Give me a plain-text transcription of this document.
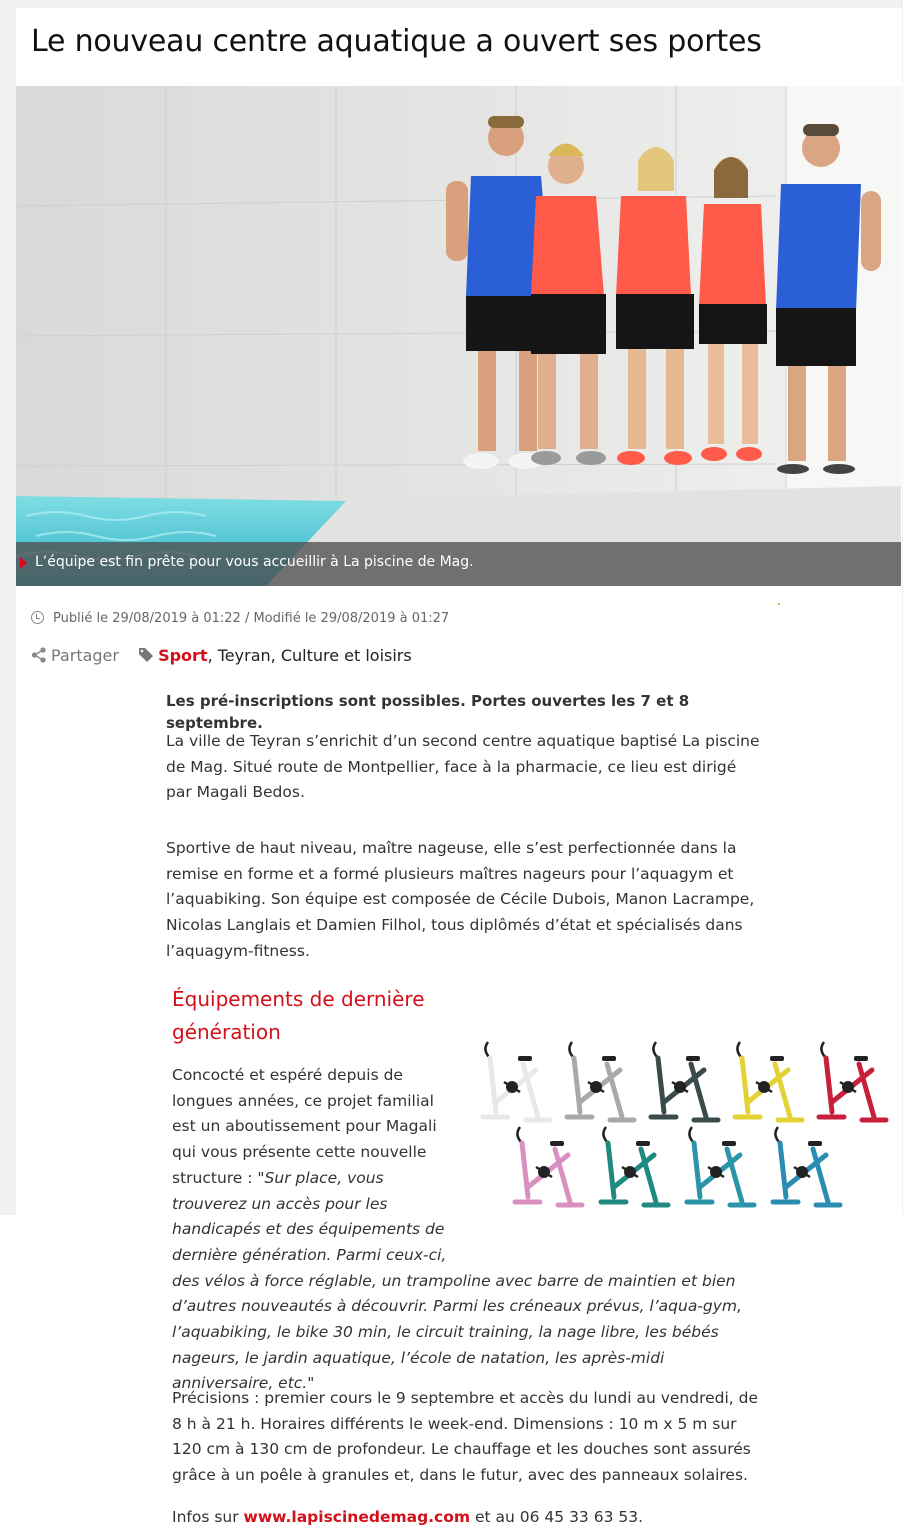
Le nouveau centre aquatique a ouvert ses portes
L’équipe est fin prête pour vous accueillir à La piscine de Mag.
Publié le 29/08/2019 à 01:22 / Modifié le 29/08/2019 à 01:27
Partager Sport, Teyran, Culture et loisirs

Les pré-inscriptions sont possibles. Portes ouvertes les 7 et 8 septembre.

La ville de Teyran s’enrichit d’un second centre aquatique baptisé La piscine de Mag. Situé route de Montpellier, face à la pharmacie, ce lieu est dirigé par Magali Bedos.

Sportive de haut niveau, maître nageuse, elle s’est perfectionnée dans la remise en forme et a formé plusieurs maîtres nageurs pour l’aquagym et l’aquabiking. Son équipe est composée de Cécile Dubois, Manon Lacrampe, Nicolas Langlais et Damien Filhol, tous diplômés d’état et spécialisés dans l’aquagym-fitness.

Équipements de dernière génération

Concocté et espéré depuis de longues années, ce projet familial est un aboutissement pour Magali qui vous présente cette nouvelle structure : "Sur place, vous trouverez un accès pour les handicapés et des équipements de dernière génération. Parmi ceux-ci, des vélos à force réglable, un trampoline avec barre de maintien et bien d’autres nouveautés à découvrir. Parmi les créneaux prévus, l’aqua-gym, l’aquabiking, le bike 30 min, le circuit training, la nage libre, les bébés nageurs, le jardin aquatique, l’école de natation, les après-midi anniversaire, etc."

Précisions : premier cours le 9 septembre et accès du lundi au vendredi, de 8 h à 21 h. Horaires différents le week-end. Dimensions : 10 m x 5 m sur 120 cm à 130 cm de profondeur. Le chauffage et les douches sont assurés grâce à un poêle à granules et, dans le futur, avec des panneaux solaires.

Infos sur www.lapiscinedemag.com et au 06 45 33 63 53.
